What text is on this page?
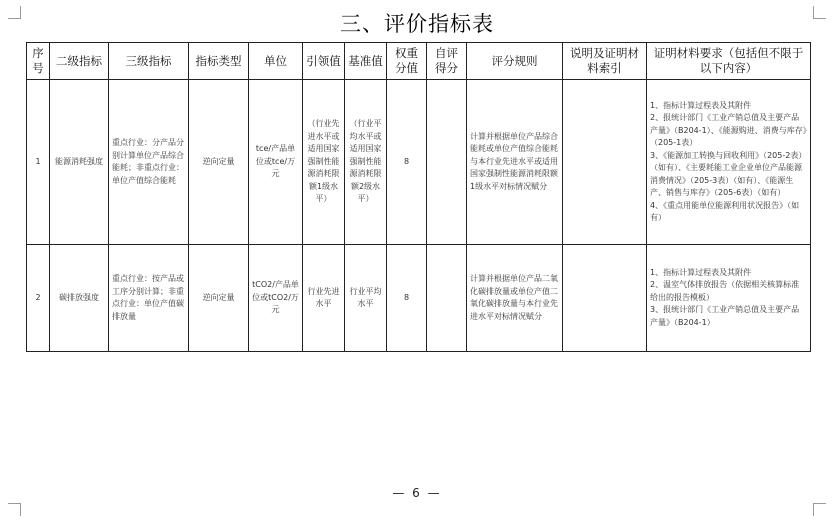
三、评价指标表
序号	二级指标	三级指标	指标类型	单位	引领值	基准值	权重分值	自评得分	评分规则	说明及证明材料索引	证明材料要求（包括但不限于以下内容）
1	能源消耗强度	重点行业：分产品分别计算单位产品综合能耗；非重点行业：单位产值综合能耗	逆向定量	tce/产品单位或tce/万元	（行业先进水平或适用国家强制性能源消耗限额1级水平）	（行业平均水平或适用国家强制性能源消耗限额2级水平）	8		计算并根据单位产品综合能耗或单位产值综合能耗与本行业先进水平或适用国家强制性能源消耗限额1级水平对标情况赋分		1、指标计算过程表及其附件
2、报统计部门《工业产销总值及主要产品产量》（B204-1）、《能源购进、消费与库存》（205-1表）
3、《能源加工转换与回收利用》（205-2表）（如有）、《主要耗能工业企业单位产品能源消费情况》（205-3表）（如有）、《能源生产、销售与库存》（205-6表）（如有）
4、《重点用能单位能源利用状况报告》（如有）

2	碳排放强度	重点行业：按产品或工序分别计算；非重点行业：单位产值碳排放量	逆向定量	tCO2/产品单位或tCO2/万元	行业先进水平	行业平均水平	8		计算并根据单位产品二氧化碳排放量或单位产值二氧化碳排放量与本行业先进水平对标情况赋分		1、指标计算过程表及其附件
2、温室气体排放报告（依据相关核算标准给出的报告模板）
3、报统计部门《工业产销总值及主要产品产量》（B204-1）
— 6 —
